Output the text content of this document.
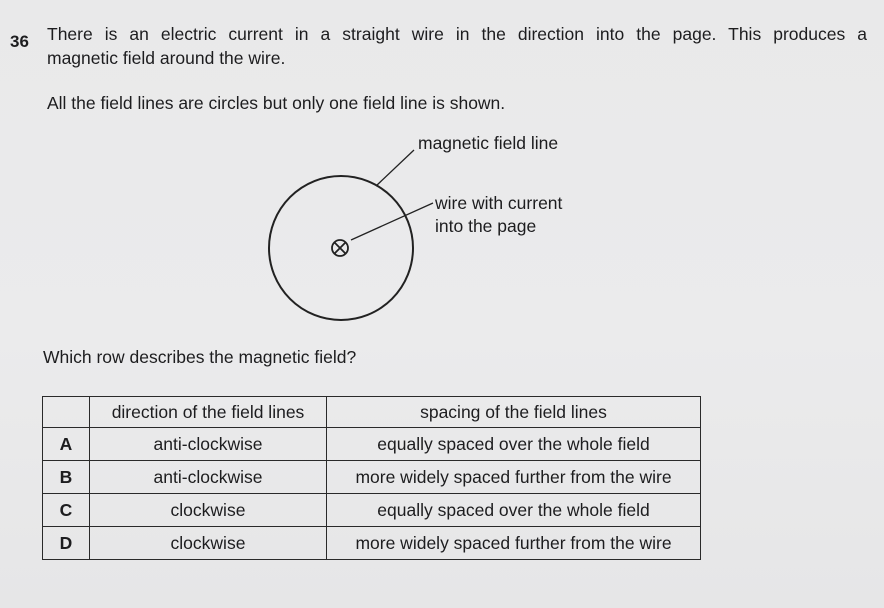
36 There is an electric current in a straight wire in the direction into the page. This produces a
magnetic field around the wire.
All the field lines are circles but only one field line is shown.
magnetic field line
wire with current
into the page
Which row describes the magnetic field?
	direction of the field lines	spacing of the field lines
A	anti-clockwise	equally spaced over the whole field
B	anti-clockwise	more widely spaced further from the wire
C	clockwise	equally spaced over the whole field
D	clockwise	more widely spaced further from the wire
